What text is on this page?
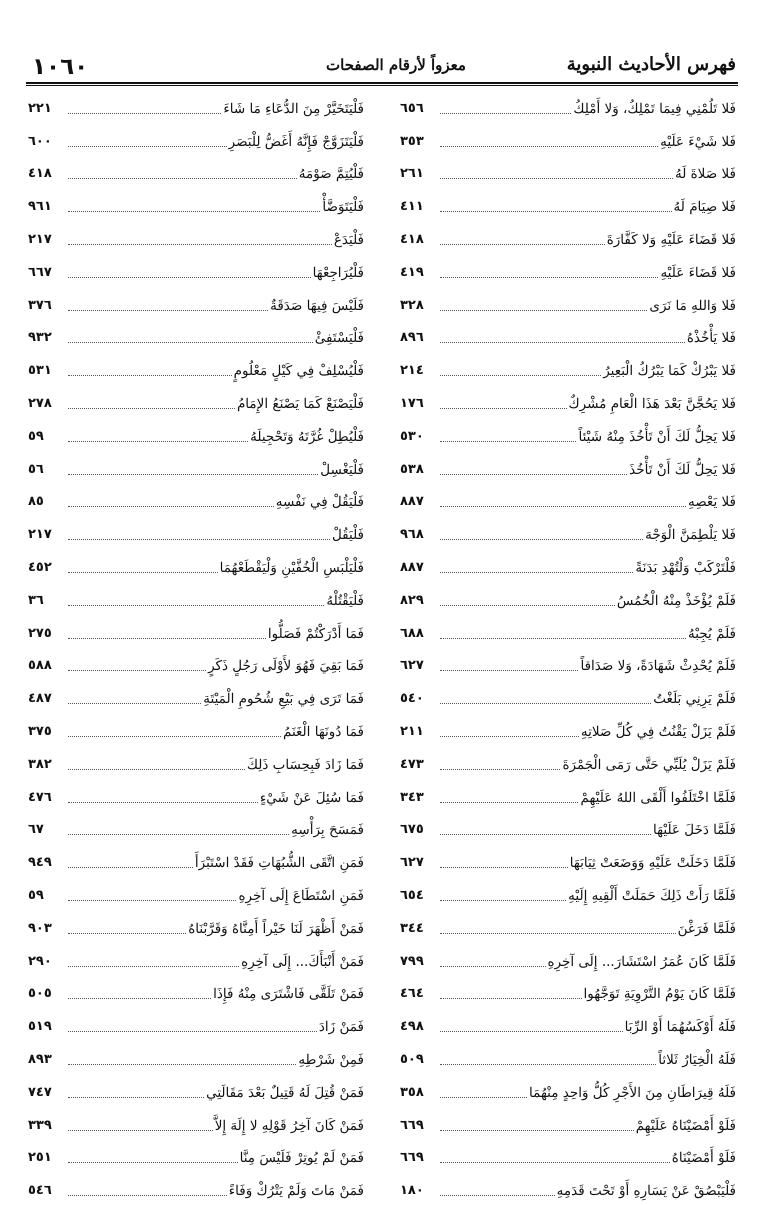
١٠٦٠	معزواً لأرقام الصفحات	فهرس الأحاديث النبوية
فَلا تَلُمْنِي فِيمَا تَمْلِكُ، وَلا أَمْلِكُ
٦٥٦
فَلا شَيْءَ عَلَيْهِ
٣٥٣
فَلا صَلاةَ لَهُ
٢٦١
فَلا صِيَامَ لَهُ
٤١١
فَلا قَضَاءَ عَلَيْهِ وَلا كَفَّارَةَ
٤١٨
فَلا قَضَاءَ عَلَيْهِ
٤١٩
فَلا وَاللهِ مَا نَرَى
٣٢٨
فَلا يَأْخُذْهُ
٨٩٦
فَلا يَبْرُكْ كَمَا يَبْرُكُ الْبَعِيرُ
٢١٤
فَلا يَحُجَّنَّ بَعْدَ هَذَا الْعَامِ مُشْرِكٌ
١٧٦
فَلا يَحِلُّ لَكَ أَنْ تَأْخُذَ مِنْهُ شَيْئاً
٥٣٠
فَلا يَحِلُّ لَكَ أَنْ تَأْخُذَ
٥٣٨
فَلا يَعْصِهِ
٨٨٧
فَلا يَلْطِمَنَّ الْوَجْهَ
٩٦٨
فَلْتَرْكَبْ وَلْتُهْدِ بَدَنَةً
٨٨٧
فَلَمْ يُؤْخَذْ مِنْهُ الْخُمُسُ
٨٢٩
فَلَمْ يُجِبْهُ
٦٨٨
فَلَمْ يُحْدِثْ شَهَادَةً، وَلا صَدَاقاً
٦٢٧
فَلَمْ يَرِنِي بَلَغْتُ
٥٤٠
فَلَمْ يَزَلْ يَقْنُتُ فِي كُلِّ صَلاتِهِ
٢١١
فَلَمْ يَزَلْ يُلَبِّي حَتَّى رَمَى الْجَمْرَةَ
٤٧٣
فَلَمَّا اخْتَلَفُوا أَلْقَى اللهُ عَلَيْهِمْ
٣٤٣
فَلَمَّا دَخَلَ عَلَيْهَا
٦٧٥
فَلَمَّا دَخَلَتْ عَلَيْهِ وَوَضَعَتْ ثِيَابَهَا
٦٢٧
فَلَمَّا رَأَتْ ذَلِكَ حَمَلَتْ أَلْقِيهِ إِلَيْهِ
٦٥٤
فَلَمَّا فَرَغْنَ
٣٤٤
فَلَمَّا كَانَ عُمَرُ اسْتَشَارَ... إِلَى آخِرِهِ
٧٩٩
فَلَمَّا كَانَ يَوْمُ التَّرْوِيَةِ تَوَجَّهُوا
٤٦٤
فَلَهُ أَوْكَسُهُمَا أَوْ الرِّبَا
٤٩٨
فَلَهُ الْخِيَارُ ثَلاثاً
٥٠٩
فَلَهُ قِيرَاطَانِ مِنَ الأَجْرِ كُلُّ وَاحِدٍ مِنْهُمَا
٣٥٨
فَلَوْ أَمْضَيْنَاهُ عَلَيْهِمْ
٦٦٩
فَلَوْ أَمْضَيْنَاهُ
٦٦٩
فَلْيَبْصُقْ عَنْ يَسَارِهِ أَوْ تَحْتَ قَدَمِهِ
١٨٠
فَلْيَتَخَيَّرْ مِنَ الدُّعَاءِ مَا شَاءَ
٢٢١
فَلْيَتَزَوَّجْ فَإِنَّهُ أَغَضُّ لِلْبَصَرِ
٦٠٠
فَلْيُتِمَّ صَوْمَهُ
٤١٨
فَلْيَتَوَضَّأْ
٩٦١
فَلْيَدَعْ
٢١٧
فَلْيُرَاجِعْهَا
٦٦٧
فَلَيْسَ فِيهَا صَدَقَةٌ
٣٧٦
فَلْيَسْتَفِئْ
٩٣٢
فَلْيُسْلِفْ فِي كَيْلٍ مَعْلُومٍ
٥٣١
فَلْيَصْنَعْ كَمَا يَصْنَعُ الإِمَامُ
٢٧٨
فَلْيُطِلْ غُرَّتَهُ وَتَحْجِيلَهُ
٥٩
فَلْيَغْسِلْ
٥٦
فَلْيَقُلْ فِي نَفْسِهِ
٨٥
فَلْيَقُلْ
٢١٧
فَلْيَلْبَسِ الْخُفَّيْنِ وَلْيَقْطَعْهُمَا
٤٥٢
فَلْيَقْتُلْهُ
٣٦
فَمَا أَدْرَكْتُمْ فَصَلُّوا
٢٧٥
فَمَا بَقِيَ فَهُوَ لأَوْلَى رَجُلٍ ذَكَرٍ
٥٨٨
فَمَا تَرَى فِي بَيْعِ شُحُومِ الْمَيْتَةِ
٤٨٧
فَمَا دُونَهَا الْغَنَمُ
٣٧٥
فَمَا زَادَ فَبِحِسَابِ ذَلِكَ
٣٨٢
فَمَا سُئِلَ عَنْ شَيْءٍ
٤٧٦
فَمَسَحَ بِرَأْسِهِ
٦٧
فَمَنِ اتَّقَى الشُّبُهَاتِ فَقَدْ اسْتَبْرَأَ
٩٤٩
فَمَنِ اسْتَطَاعَ إِلَى آخِرِهِ
٥٩
فَمَنْ أَظْهَرَ لَنَا خَيْراً أَمِنَّاهُ وَقَرَّبْنَاهُ
٩٠٣
فَمَنْ أَنْبَأَكَ... إِلَى آخِرِهِ
٢٩٠
فَمَنْ تَلَقَّى فَاشْتَرَى مِنْهُ فَإِذَا
٥٠٥
فَمَنْ زَادَ
٥١٩
فَمِنْ شَرْطِهِ
٨٩٣
فَمَنْ قُتِلَ لَهُ قَتِيلٌ بَعْدَ مَقَالَتِي
٧٤٧
فَمَنْ كَانَ آخِرُ قَوْلِهِ لا إِلَهَ إِلاَّ
٣٣٩
فَمَنْ لَمْ يُوتِرْ فَلَيْسَ مِنَّا
٢٥١
فَمَنْ مَاتَ وَلَمْ يَتْرُكْ وَفَاءً
٥٤٦
